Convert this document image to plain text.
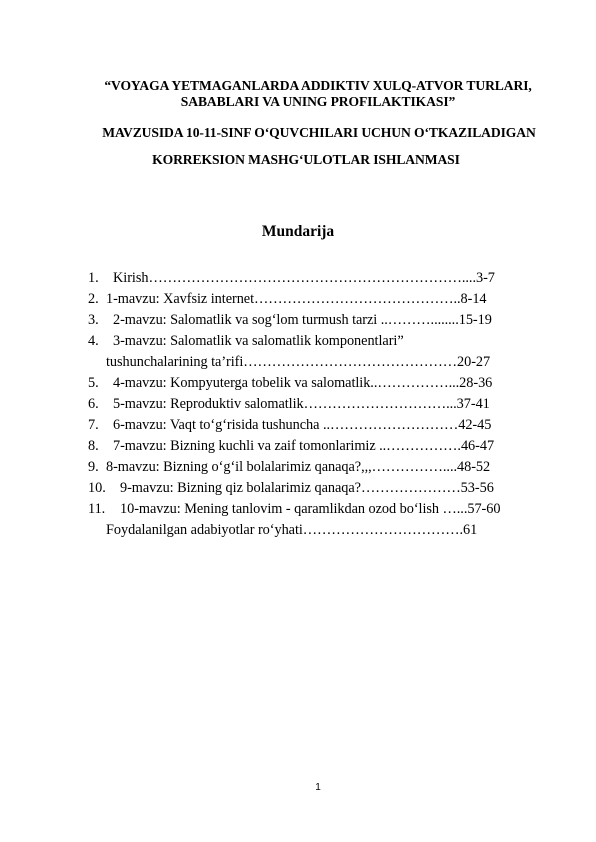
“VOYAGA YETMAGANLARDA ADDIKTIV XULQ-ATVOR TURLARI,
SABABLARI VA UNING PROFILAKTIKASI”
MAVZUSIDA 10-11-SINF O‘QUVCHILARI UCHUN O‘TKAZILADIGAN
KORREKSION MASHG‘ULOTLAR ISHLANMASI
Mundarija
1. Kirish…………………………………………………………....3-7
2. 1-mavzu: Xavfsiz internet……………………………………..8-14
3. 2-mavzu: Salomatlik va sog‘lom turmush tarzi ..………........15-19
4. 3-mavzu: Salomatlik va salomatlik komponentlari”
tushunchalarining ta’rifi………………………………………20-27
5. 4-mavzu: Kompyuterga tobelik va salomatlik..……………...28-36
6. 5-mavzu: Reproduktiv salomatlik…………………………...37-41
7. 6-mavzu: Vaqt to‘g‘risida tushuncha ..………………………42-45
8. 7-mavzu: Bizning kuchli va zaif tomonlarimiz ..…………….46-47
9. 8-mavzu: Bizning o‘g‘il bolalarimiz qanaqa?,,,……………....48-52
10. 9-mavzu: Bizning qiz bolalarimiz qanaqa?…………………53-56
11. 10-mavzu: Mening tanlovim - qaramlikdan ozod bo‘lish …...57-60
Foydalanilgan adabiyotlar ro‘yhati…………………………….61
1
